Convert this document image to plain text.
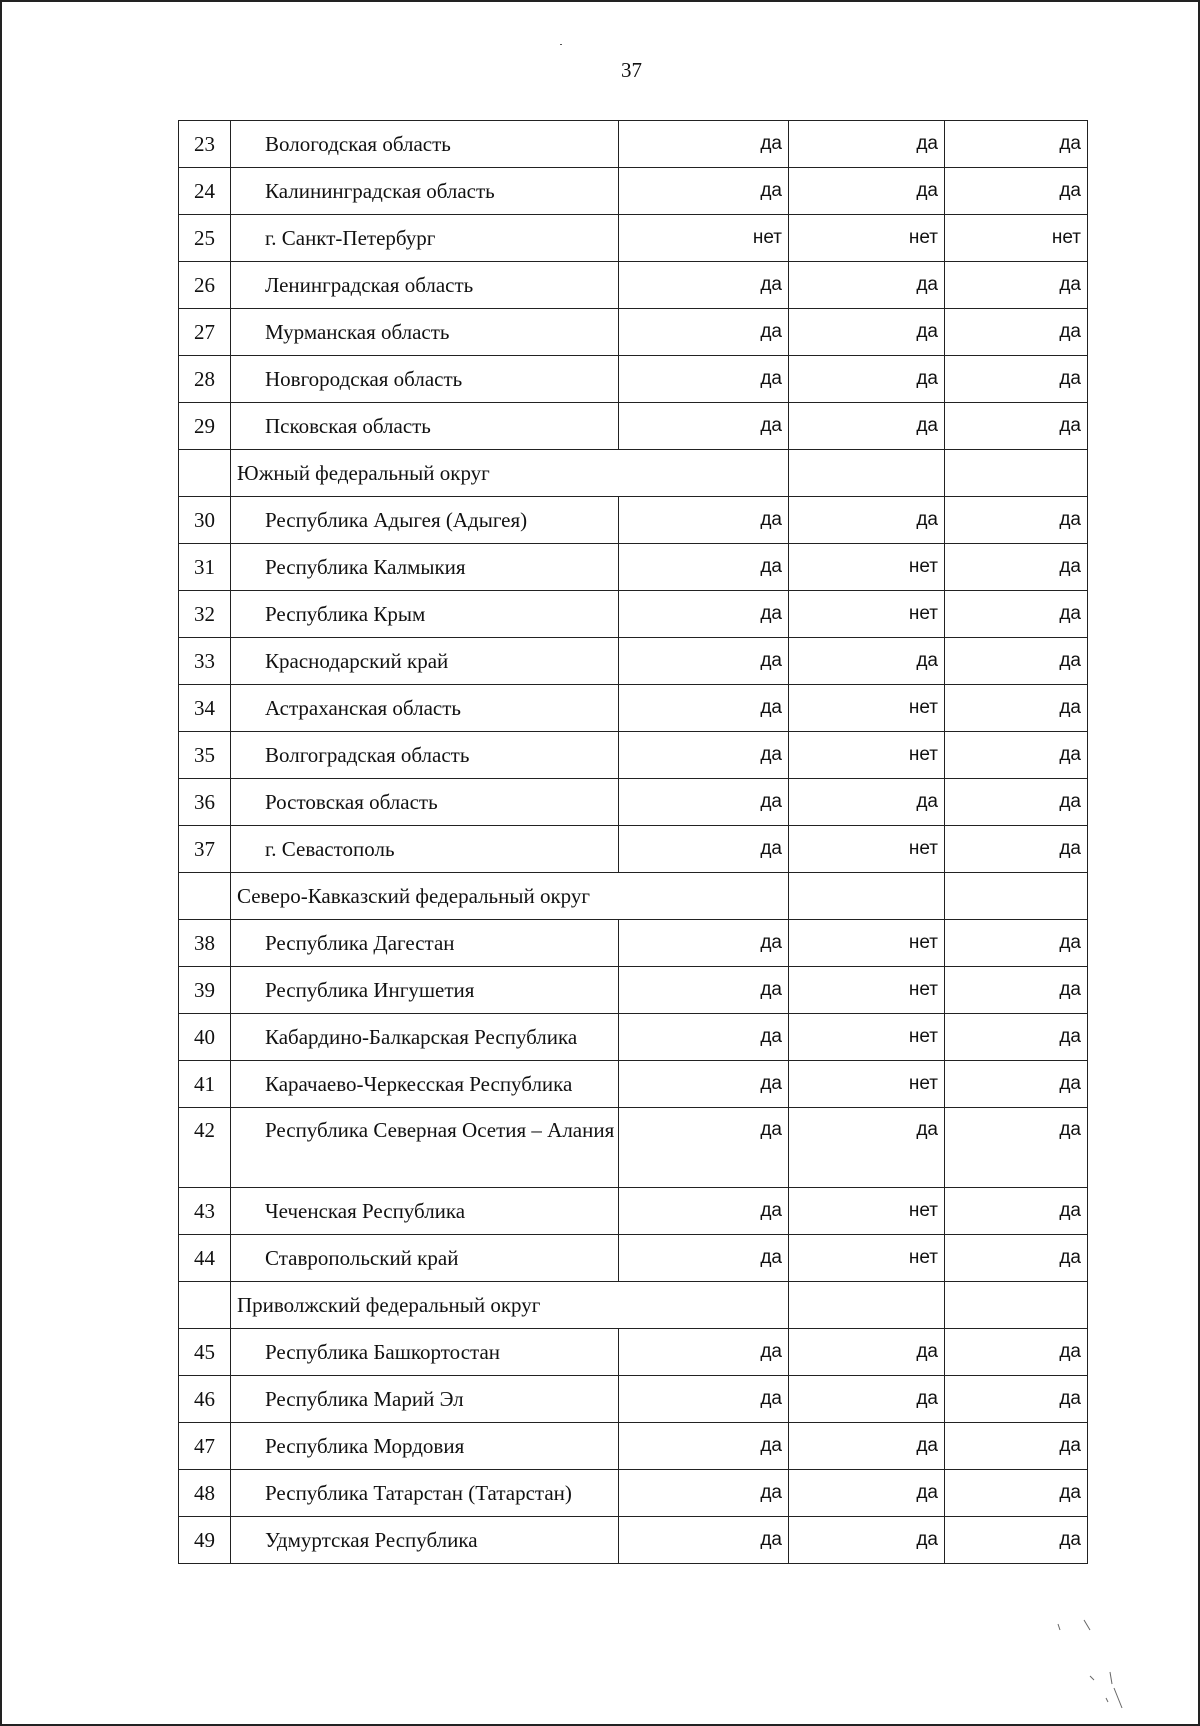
37
23	Вологодская область	да	да	да
24	Калининградская область	да	да	да
25	г. Санкт-Петербург	нет	нет	нет
26	Ленинградская область	да	да	да
27	Мурманская область	да	да	да
28	Новгородская область	да	да	да
29	Псковская область	да	да	да
	Южный федеральный округ			
30	Республика Адыгея (Адыгея)	да	да	да
31	Республика Калмыкия	да	нет	да
32	Республика Крым	да	нет	да
33	Краснодарский край	да	да	да
34	Астраханская область	да	нет	да
35	Волгоградская область	да	нет	да
36	Ростовская область	да	да	да
37	г. Севастополь	да	нет	да
	Северо-Кавказский федеральный округ			
38	Республика Дагестан	да	нет	да
39	Республика Ингушетия	да	нет	да
40	Кабардино-Балкарская Республика	да	нет	да
41	Карачаево-Черкесская Республика	да	нет	да
42	Республика Северная Осетия – Алания	да	да	да
43	Чеченская Республика	да	нет	да
44	Ставропольский край	да	нет	да
	Приволжский федеральный округ			
45	Республика Башкортостан	да	да	да
46	Республика Марий Эл	да	да	да
47	Республика Мордовия	да	да	да
48	Республика Татарстан (Татарстан)	да	да	да
49	Удмуртская Республика	да	да	да
